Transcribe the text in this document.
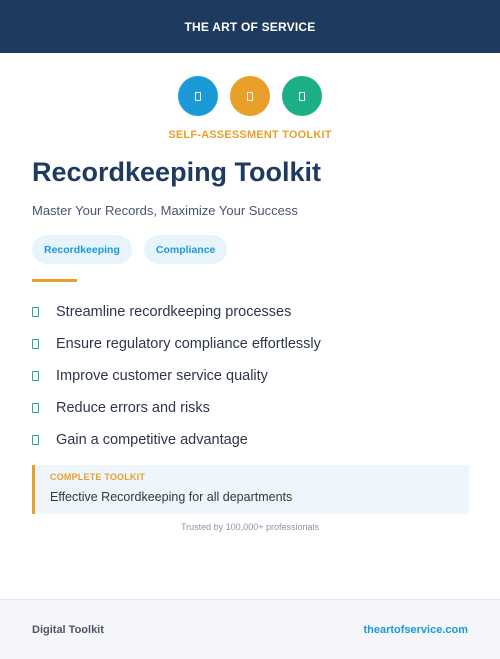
THE ART OF SERVICE
SELF-ASSESSMENT TOOLKIT
Recordkeeping Toolkit

Master Your Records, Maximize Your Success

Recordkeeping	Compliance
Streamline recordkeeping processes
Ensure regulatory compliance effortlessly
Improve customer service quality
Reduce errors and risks
Gain a competitive advantage
COMPLETE TOOLKIT
Effective Recordkeeping for all departments
Trusted by 100,000+ professionals
Digital Toolkit	theartofservice.com
